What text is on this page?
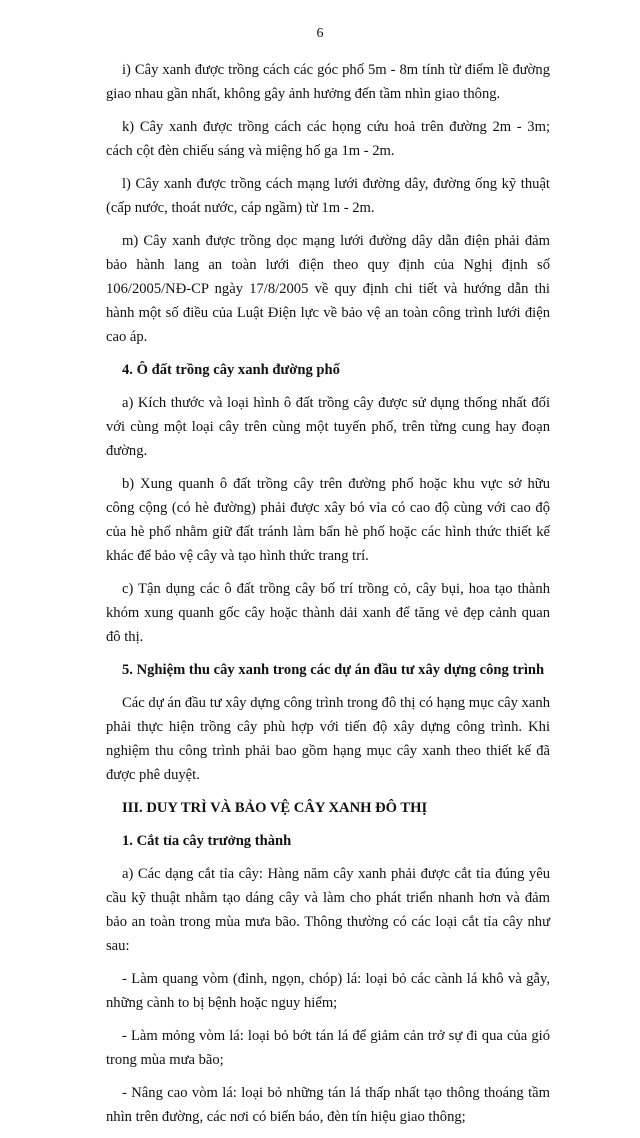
6

i) Cây xanh được trồng cách các góc phố 5m - 8m tính từ điểm lề đường giao nhau gần nhất, không gây ảnh hưởng đến tầm nhìn giao thông.

k) Cây xanh được trồng cách các họng cứu hoả trên đường 2m - 3m; cách cột đèn chiếu sáng và miệng hố ga 1m - 2m.

l) Cây xanh được trồng cách mạng lưới đường dây, đường ống kỹ thuật (cấp nước, thoát nước, cáp ngầm) từ 1m - 2m.

m) Cây xanh được trồng dọc mạng lưới đường dây dẫn điện phải đảm bảo hành lang an toàn lưới điện theo quy định của Nghị định số 106/2005/NĐ-CP ngày 17/8/2005 về quy định chi tiết và hướng dẫn thi hành một số điều của Luật Điện lực về bảo vệ an toàn công trình lưới điện cao áp.

4. Ô đất trồng cây xanh đường phố

a) Kích thước và loại hình ô đất trồng cây được sử dụng thống nhất đối với cùng một loại cây trên cùng một tuyến phố, trên từng cung hay đoạn đường.

b) Xung quanh ô đất trồng cây trên đường phố hoặc khu vực sở hữu công cộng (có hè đường) phải được xây bó vỉa có cao độ cùng với cao độ của hè phố nhằm giữ đất tránh làm bẩn hè phố hoặc các hình thức thiết kế khác để bảo vệ cây và tạo hình thức trang trí.

c) Tận dụng các ô đất trồng cây bố trí trồng cỏ, cây bụi, hoa tạo thành khóm xung quanh gốc cây hoặc thành dải xanh để tăng vẻ đẹp cảnh quan đô thị.

5. Nghiệm thu cây xanh trong các dự án đầu tư xây dựng công trình

Các dự án đầu tư xây dựng công trình trong đô thị có hạng mục cây xanh phải thực hiện trồng cây phù hợp với tiến độ xây dựng công trình. Khi nghiệm thu công trình phải bao gồm hạng mục cây xanh theo thiết kế đã được phê duyệt.

III. DUY TRÌ VÀ BẢO VỆ CÂY XANH ĐÔ THỊ
1. Cắt tỉa cây trưởng thành

a) Các dạng cắt tỉa cây: Hàng năm cây xanh phải được cắt tỉa đúng yêu cầu kỹ thuật nhằm tạo dáng cây và làm cho phát triển nhanh hơn và đảm bảo an toàn trong mùa mưa bão. Thông thường có các loại cắt tỉa cây như sau:

- Làm quang vòm (đỉnh, ngọn, chóp) lá: loại bỏ các cành lá khô và gẫy, những cành to bị bệnh hoặc nguy hiểm;

- Làm mỏng vòm lá: loại bỏ bớt tán lá để giảm cản trở sự đi qua của gió trong mùa mưa bão;

- Nâng cao vòm lá: loại bỏ những tán lá thấp nhất tạo thông thoáng tầm nhìn trên đường, các nơi có biển báo, đèn tín hiệu giao thông;
